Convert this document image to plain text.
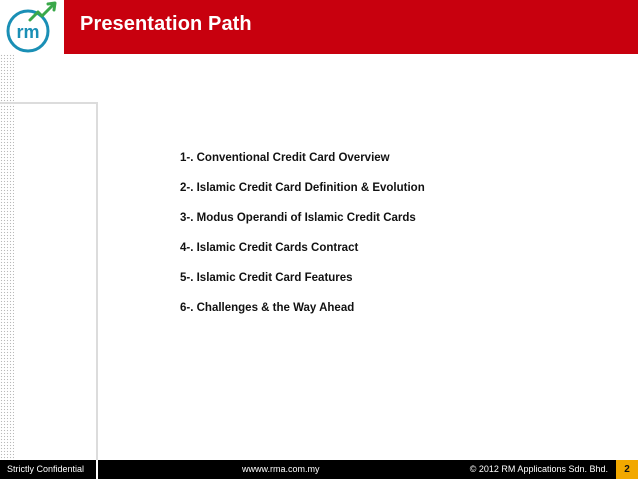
rm Presentation Path
1-. Conventional Credit Card Overview
2-. Islamic Credit Card Definition & Evolution
3-. Modus Operandi of Islamic Credit Cards
4-. Islamic Credit Cards Contract
5-. Islamic Credit Card Features
6-. Challenges & the Way Ahead
Strictly Confidential	wwww.rma.com.my	© 2012 RM Applications Sdn. Bhd.	2
